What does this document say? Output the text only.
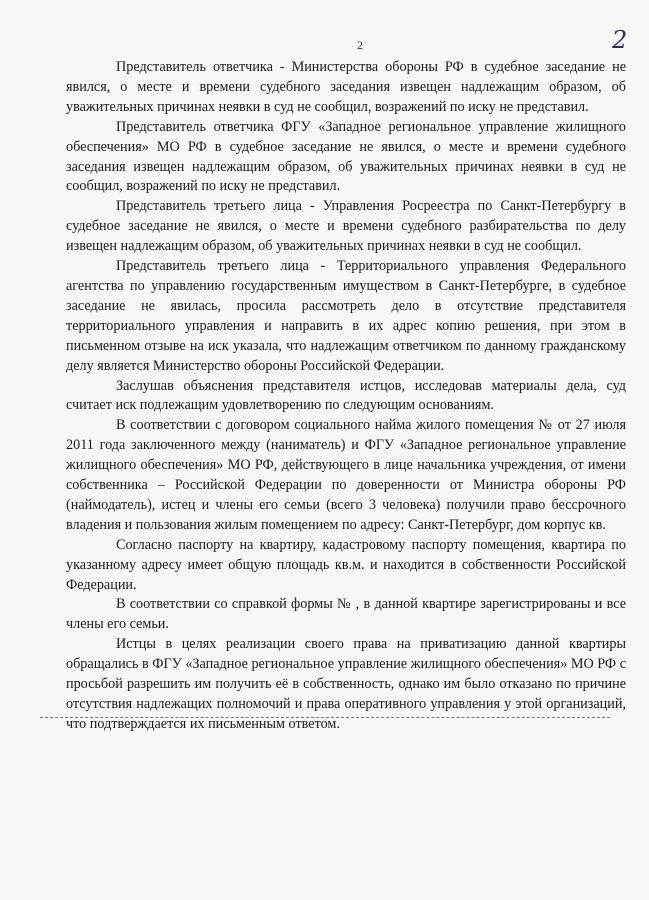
2	2

Представитель ответчика - Министерства обороны РФ в судебное заседание не явился, о месте и времени судебного заседания извещен надлежащим образом, об уважительных причинах неявки в суд не сообщил, возражений по иску не представил.

Представитель ответчика ФГУ «Западное региональное управление жилищного обеспечения» МО РФ в судебное заседание не явился, о месте и времени судебного заседания извещен надлежащим образом, об уважительных причинах неявки в суд не сообщил, возражений по иску не представил.

Представитель третьего лица - Управления Росреестра по Санкт-Петербургу в судебное заседание не явился, о месте и времени судебного разбирательства по делу извещен надлежащим образом, об уважительных причинах неявки в суд не сообщил.

Представитель третьего лица - Территориального управления Федерального агентства по управлению государственным имуществом в Санкт-Петербурге, в судебное заседание не явилась, просила рассмотреть дело в отсутствие представителя территориального управления и направить в их адрес копию решения, при этом в письменном отзыве на иск указала, что надлежащим ответчиком по данному гражданскому делу является Министерство обороны Российской Федерации.

Заслушав объяснения представителя истцов, исследовав материалы дела, суд считает иск подлежащим удовлетворению по следующим основаниям.

В соответствии с договором социального найма жилого помещения № от 27 июля 2011 года заключенного между (наниматель) и ФГУ «Западное региональное управление жилищного обеспечения» МО РФ, действующего в лице начальника учреждения, от имени собственника – Российской Федерации по доверенности от Министра обороны РФ (наймодатель), истец и члены его семьи (всего 3 человека) получили право бессрочного владения и пользования жилым помещением по адресу: Санкт-Петербург, дом корпус кв.

Согласно паспорту на квартиру, кадастровому паспорту помещения, квартира по указанному адресу имеет общую площадь кв.м. и находится в собственности Российской Федерации.

В соответствии со справкой формы № , в данной квартире зарегистрированы и все члены его семьи.

Истцы в целях реализации своего права на приватизацию данной квартиры обращались в ФГУ «Западное региональное управление жилищного обеспечения» МО РФ с просьбой разрешить им получить её в собственность, однако им было отказано по причине отсутствия надлежащих полномочий и права оперативного управления у этой организаций, что подтверждается их письменным ответом.
